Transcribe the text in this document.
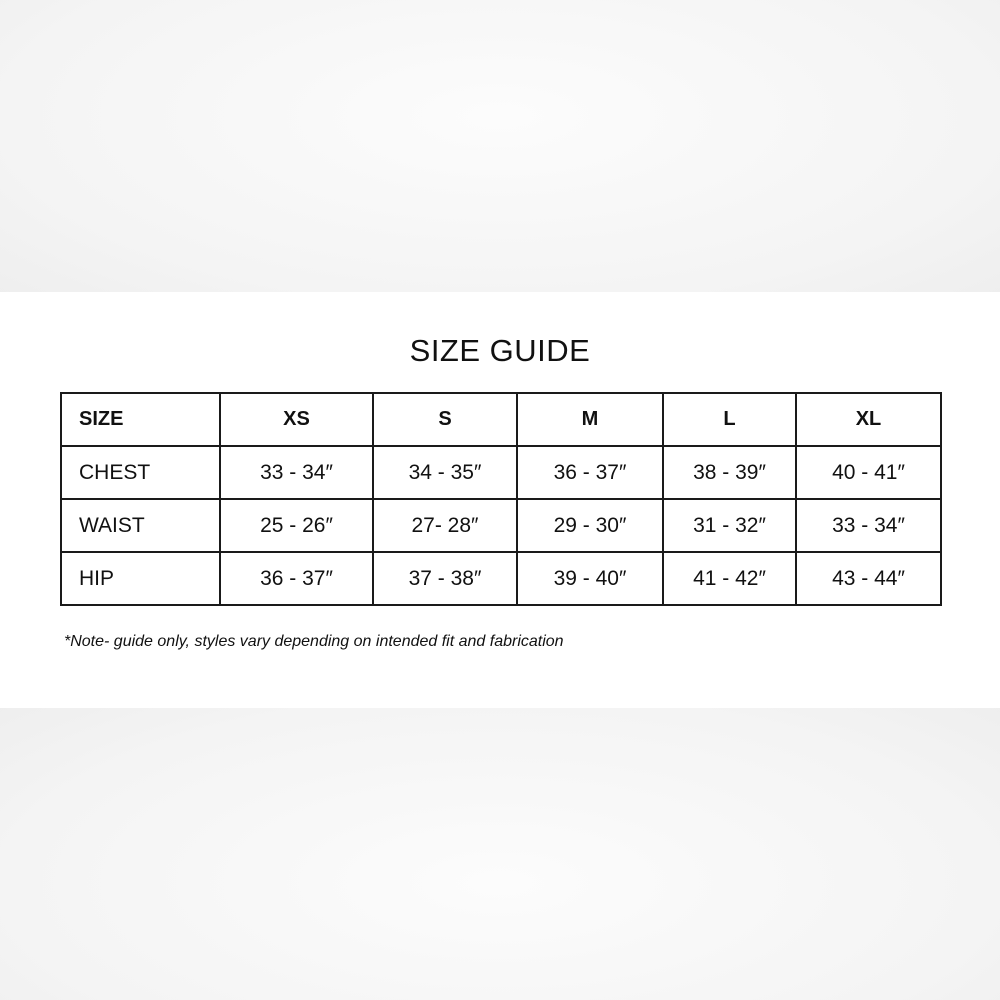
SIZE GUIDE
SIZE	XS	S	M	L	XL
CHEST	33 - 34″	34 - 35″	36 - 37″	38 - 39″	40 - 41″
WAIST	25 - 26″	27- 28″	29 - 30″	31 - 32″	33 - 34″
HIP	36 - 37″	37 - 38″	39 - 40″	41 - 42″	43 - 44″

*Note- guide only, styles vary depending on intended fit and fabrication
